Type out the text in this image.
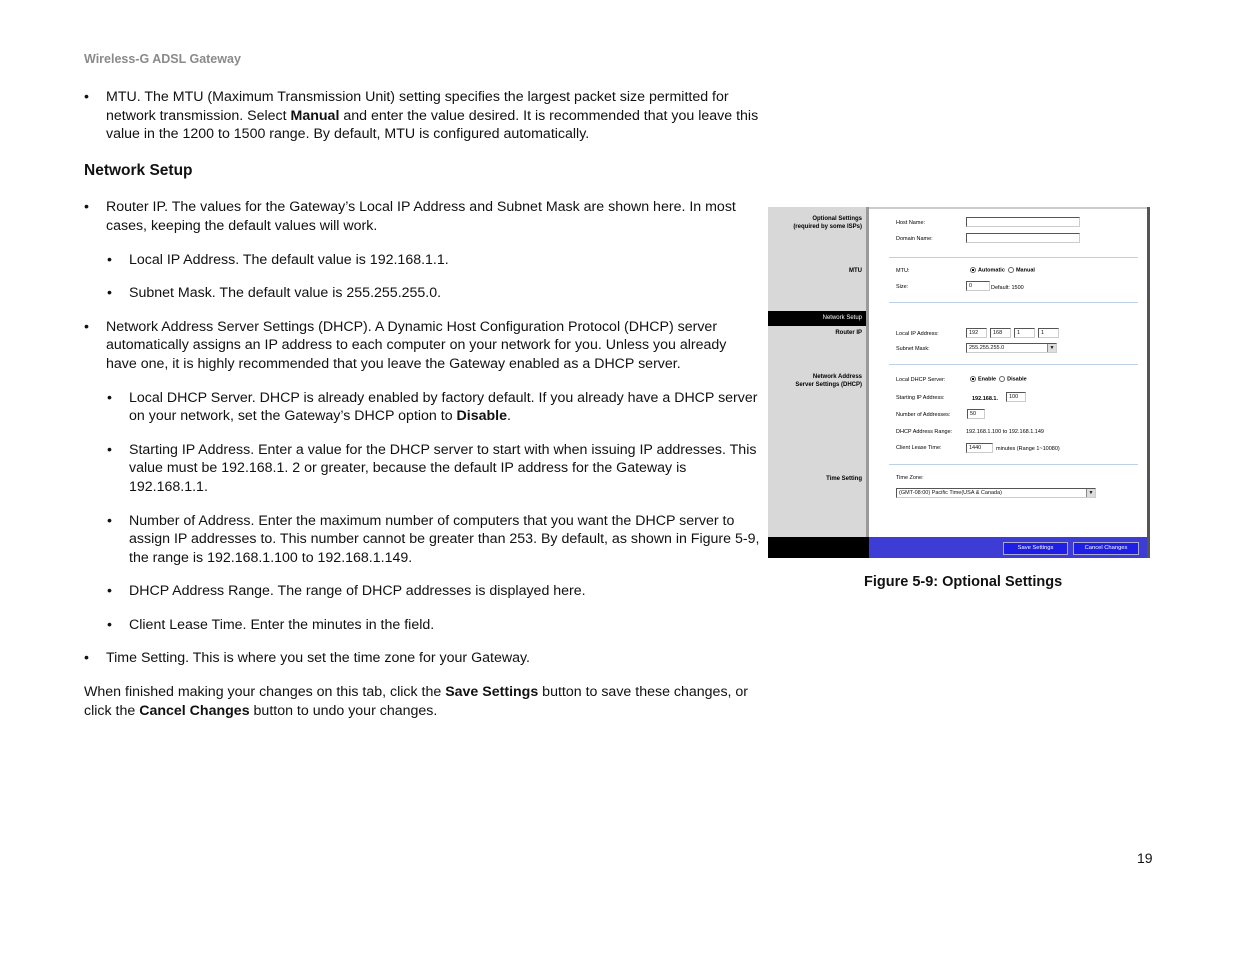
Wireless-G ADSL Gateway

• MTU. The MTU (Maximum Transmission Unit) setting specifies the largest packet size permitted for network transmission. Select Manual and enter the value desired. It is recommended that you leave this value in the 1200 to 1500 range. By default, MTU is configured automatically.

Network Setup

• Router IP. The values for the Gateway’s Local IP Address and Subnet Mask are shown here. In most cases, keeping the default values will work.

• Local IP Address. The default value is 192.168.1.1.

• Subnet Mask. The default value is 255.255.255.0.

• Network Address Server Settings (DHCP). A Dynamic Host Configuration Protocol (DHCP) server automatically assigns an IP address to each computer on your network for you. Unless you already have one, it is highly recommended that you leave the Gateway enabled as a DHCP server.

• Local DHCP Server. DHCP is already enabled by factory default. If you already have a DHCP server on your network, set the Gateway’s DHCP option to Disable.

• Starting IP Address. Enter a value for the DHCP server to start with when issuing IP addresses. This value must be 192.168.1. 2 or greater, because the default IP address for the Gateway is 192.168.1.1.

• Number of Address. Enter the maximum number of computers that you want the DHCP server to assign IP addresses to. This number cannot be greater than 253. By default, as shown in Figure 5-9, the range is 192.168.1.100 to 192.168.1.149.

• DHCP Address Range. The range of DHCP addresses is displayed here.

• Client Lease Time. Enter the minutes in the field.

• Time Setting. This is where you set the time zone for your Gateway.

When finished making your changes on this tab, click the Save Settings button to save these changes, or click the Cancel Changes button to undo your changes.

Optional Settings
(required by some ISPs)
MTU
Network Setup
Router IP
Network Address
Server Settings (DHCP)
Time Setting
Host Name:
Domain Name:
MTU:	Automatic Manual
Size:	0	Default: 1500
Local IP Address:	192	168	1	1
Subnet Mask:	255.255.255.0	▼
Local DHCP Server:	Enable Disable
Starting IP Address:	192.168.1.	100
Number of Addresses:	50
DHCP Address Range:	192.168.1.100 to 192.168.1.149
Client Lease Time:	1440	minutes (Range 1~10080)
Time Zone:
(GMT-08:00) Pacific Time(USA & Canada)	▼
Save Settings	Cancel Changes
Figure 5-9: Optional Settings
19
